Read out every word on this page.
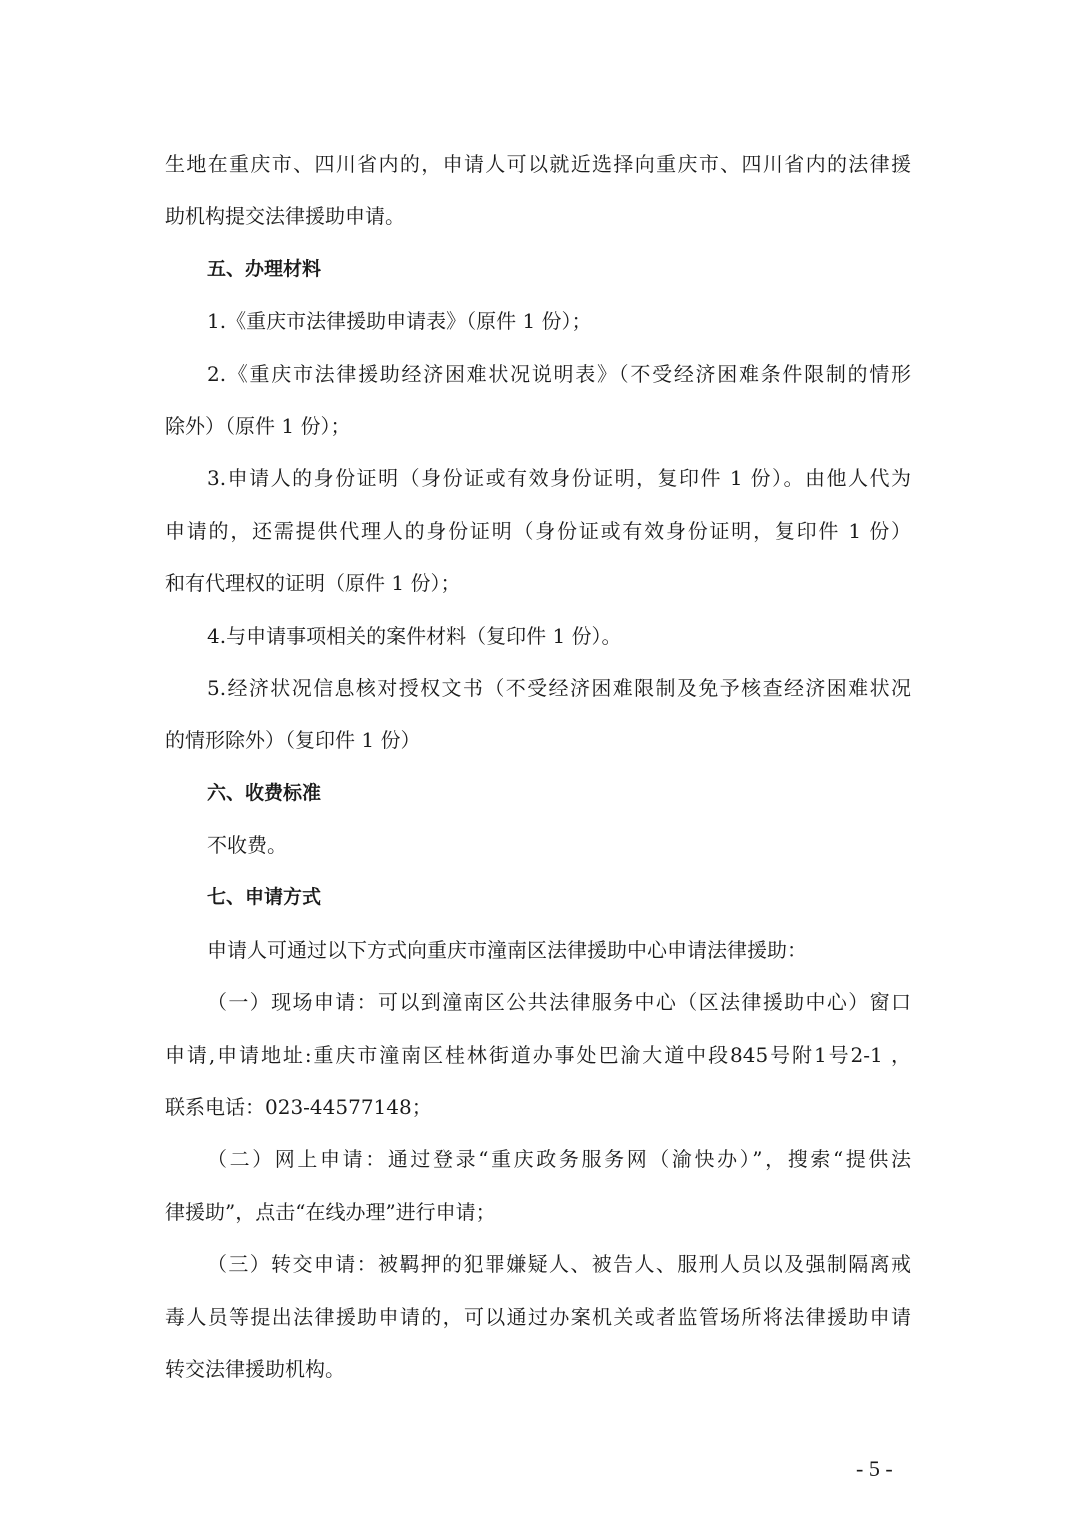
生地在重庆市、四川省内的，申请人可以就近选择向重庆市、四川省内的法律援
助机构提交法律援助申请。
五、办理材料
1.《重庆市法律援助申请表》（原件 1 份）；
2.《重庆市法律援助经济困难状况说明表》（不受经济困难条件限制的情形
除外）（原件 1 份）；
3.申请人的身份证明（身份证或有效身份证明，复印件 1 份）。由他人代为
申请的，还需提供代理人的身份证明（身份证或有效身份证明，复印件 1 份）
和有代理权的证明（原件 1 份）；
4.与申请事项相关的案件材料（复印件 1 份）。
5.经济状况信息核对授权文书（不受经济困难限制及免予核查经济困难状况
的情形除外）（复印件 1 份）
六、收费标准
不收费。
七、申请方式
申请人可通过以下方式向重庆市潼南区法律援助中心申请法律援助：
（一）现场申请：可以到潼南区公共法律服务中心（区法律援助中心）窗口
申请,申请地址:重庆市潼南区桂林街道办事处巴渝大道中段845号附1号2-1 ，
联系电话：023-44577148；
（二）网上申请：通过登录“重庆政务服务网（渝快办）”，搜索“提供法
律援助”，点击“在线办理”进行申请；
（三）转交申请：被羁押的犯罪嫌疑人、被告人、服刑人员以及强制隔离戒
毒人员等提出法律援助申请的，可以通过办案机关或者监管场所将法律援助申请
转交法律援助机构。
- 5 -
